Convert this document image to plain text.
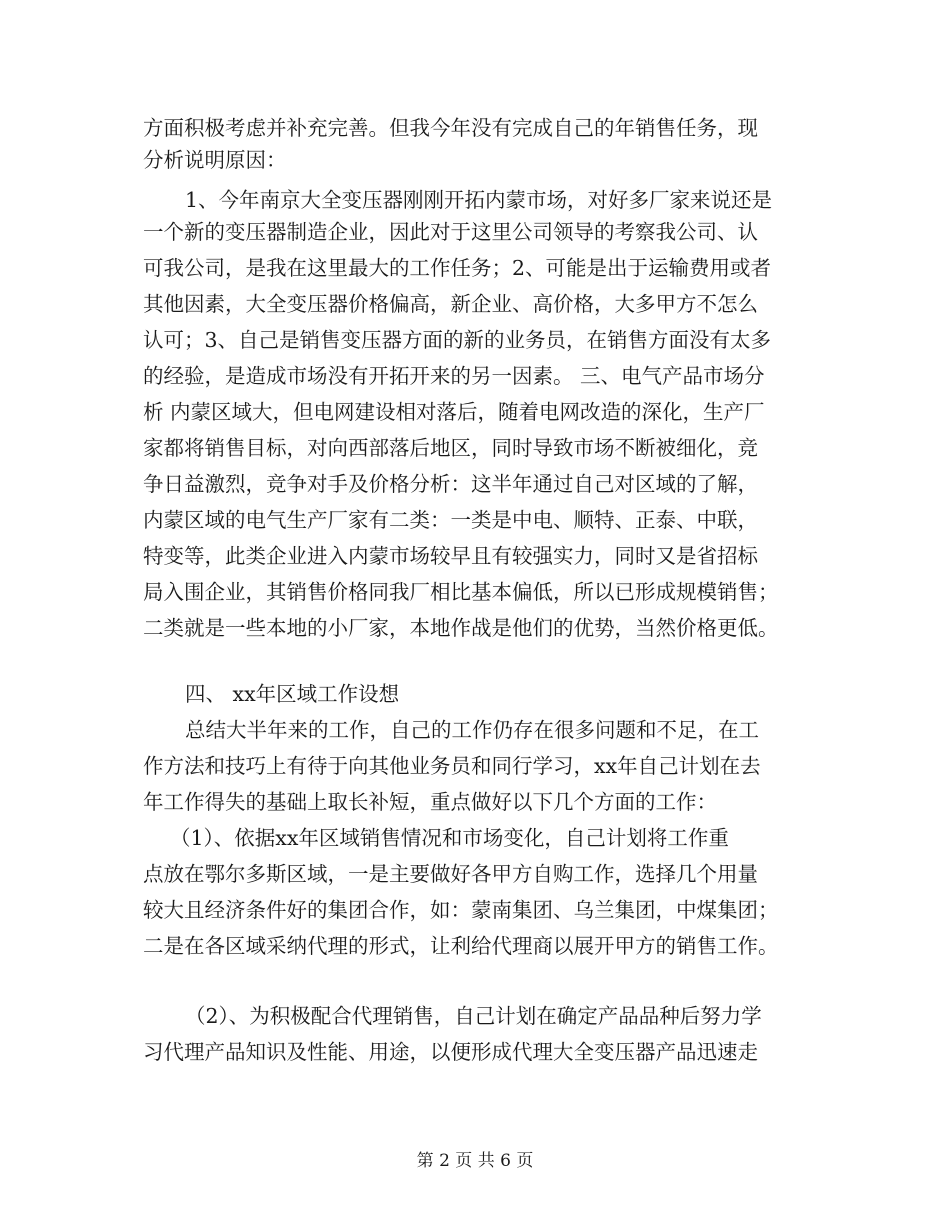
方面积极考虑并补充完善。但我今年没有完成自己的年销售任务，现
分析说明原因：
1、今年南京大全变压器刚刚开拓内蒙市场，对好多厂家来说还是
一个新的变压器制造企业，因此对于这里公司领导的考察我公司、认
可我公司，是我在这里最大的工作任务；2、可能是出于运输费用或者
其他因素，大全变压器价格偏高，新企业、高价格，大多甲方不怎么
认可；3、自己是销售变压器方面的新的业务员，在销售方面没有太多
的经验，是造成市场没有开拓开来的另一因素。 三、电气产品市场分
析 内蒙区域大，但电网建设相对落后，随着电网改造的深化，生产厂
家都将销售目标，对向西部落后地区，同时导致市场不断被细化，竞
争日益激烈，竞争对手及价格分析：这半年通过自己对区域的了解，
内蒙区域的电气生产厂家有二类：一类是中电、顺特、正泰、中联，
特变等，此类企业进入内蒙市场较早且有较强实力，同时又是省招标
局入围企业，其销售价格同我厂相比基本偏低，所以已形成规模销售；
二类就是一些本地的小厂家，本地作战是他们的优势，当然价格更低。
四、 xx年区域工作设想
总结大半年来的工作，自己的工作仍存在很多问题和不足，在工
作方法和技巧上有待于向其他业务员和同行学习，xx年自己计划在去
年工作得失的基础上取长补短，重点做好以下几个方面的工作：
（1）、依据xx年区域销售情况和市场变化，自己计划将工作重
点放在鄂尔多斯区域，一是主要做好各甲方自购工作，选择几个用量
较大且经济条件好的集团合作，如：蒙南集团、乌兰集团，中煤集团；
二是在各区域采纳代理的形式，让利给代理商以展开甲方的销售工作。
（2）、为积极配合代理销售，自己计划在确定产品品种后努力学
习代理产品知识及性能、用途，以便形成代理大全变压器产品迅速走
第 2 页 共 6 页
